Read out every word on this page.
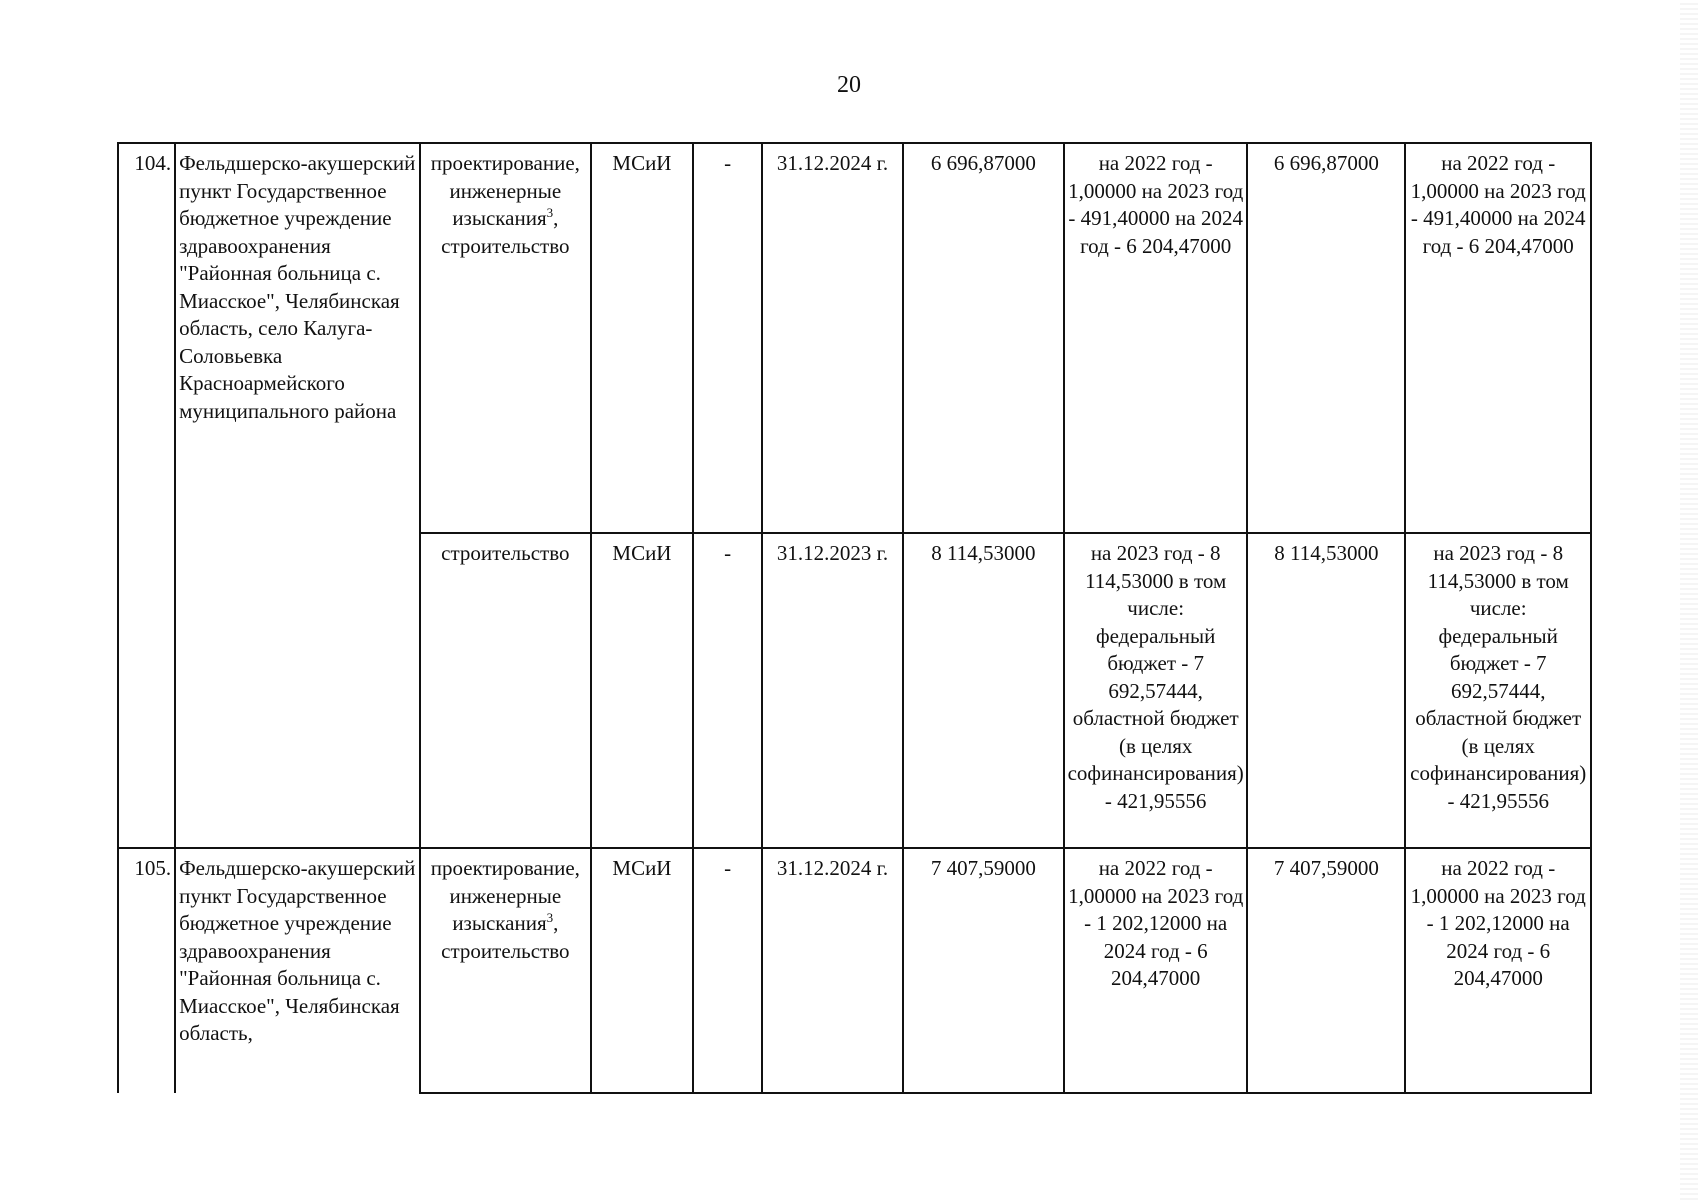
20
104.	Фельдшерско-акушерский пункт Государственное бюджетное учреждение здравоохранения "Районная больница с. Миасское", Челябинская область, село Калуга-Соловьевка Красноармейского муниципального района	проектирование, инженерные изыскания$^3$, строительство	МСиИ	-	31.12.2024 г.	6 696,87000	на 2022 год - 1,00000 на 2023 год - 491,40000 на 2024 год - 6 204,47000	6 696,87000	на 2022 год - 1,00000 на 2023 год - 491,40000 на 2024 год - 6 204,47000
		строительство	МСиИ	-	31.12.2023 г.	8 114,53000	на 2023 год - 8 114,53000 в том числе: федеральный бюджет - 7 692,57444, областной бюджет (в целях софинансирования) - 421,95556	8 114,53000	на 2023 год - 8 114,53000 в том числе: федеральный бюджет - 7 692,57444, областной бюджет (в целях софинансирования) - 421,95556
105.	Фельдшерско-акушерский пункт Государственное бюджетное учреждение здравоохранения "Районная больница с. Миасское", Челябинская область,	проектирование, инженерные изыскания$^3$, строительство	МСиИ	-	31.12.2024 г.	7 407,59000	на 2022 год - 1,00000 на 2023 год - 1 202,12000 на 2024 год - 6 204,47000	7 407,59000	на 2022 год - 1,00000 на 2023 год - 1 202,12000 на 2024 год - 6 204,47000
